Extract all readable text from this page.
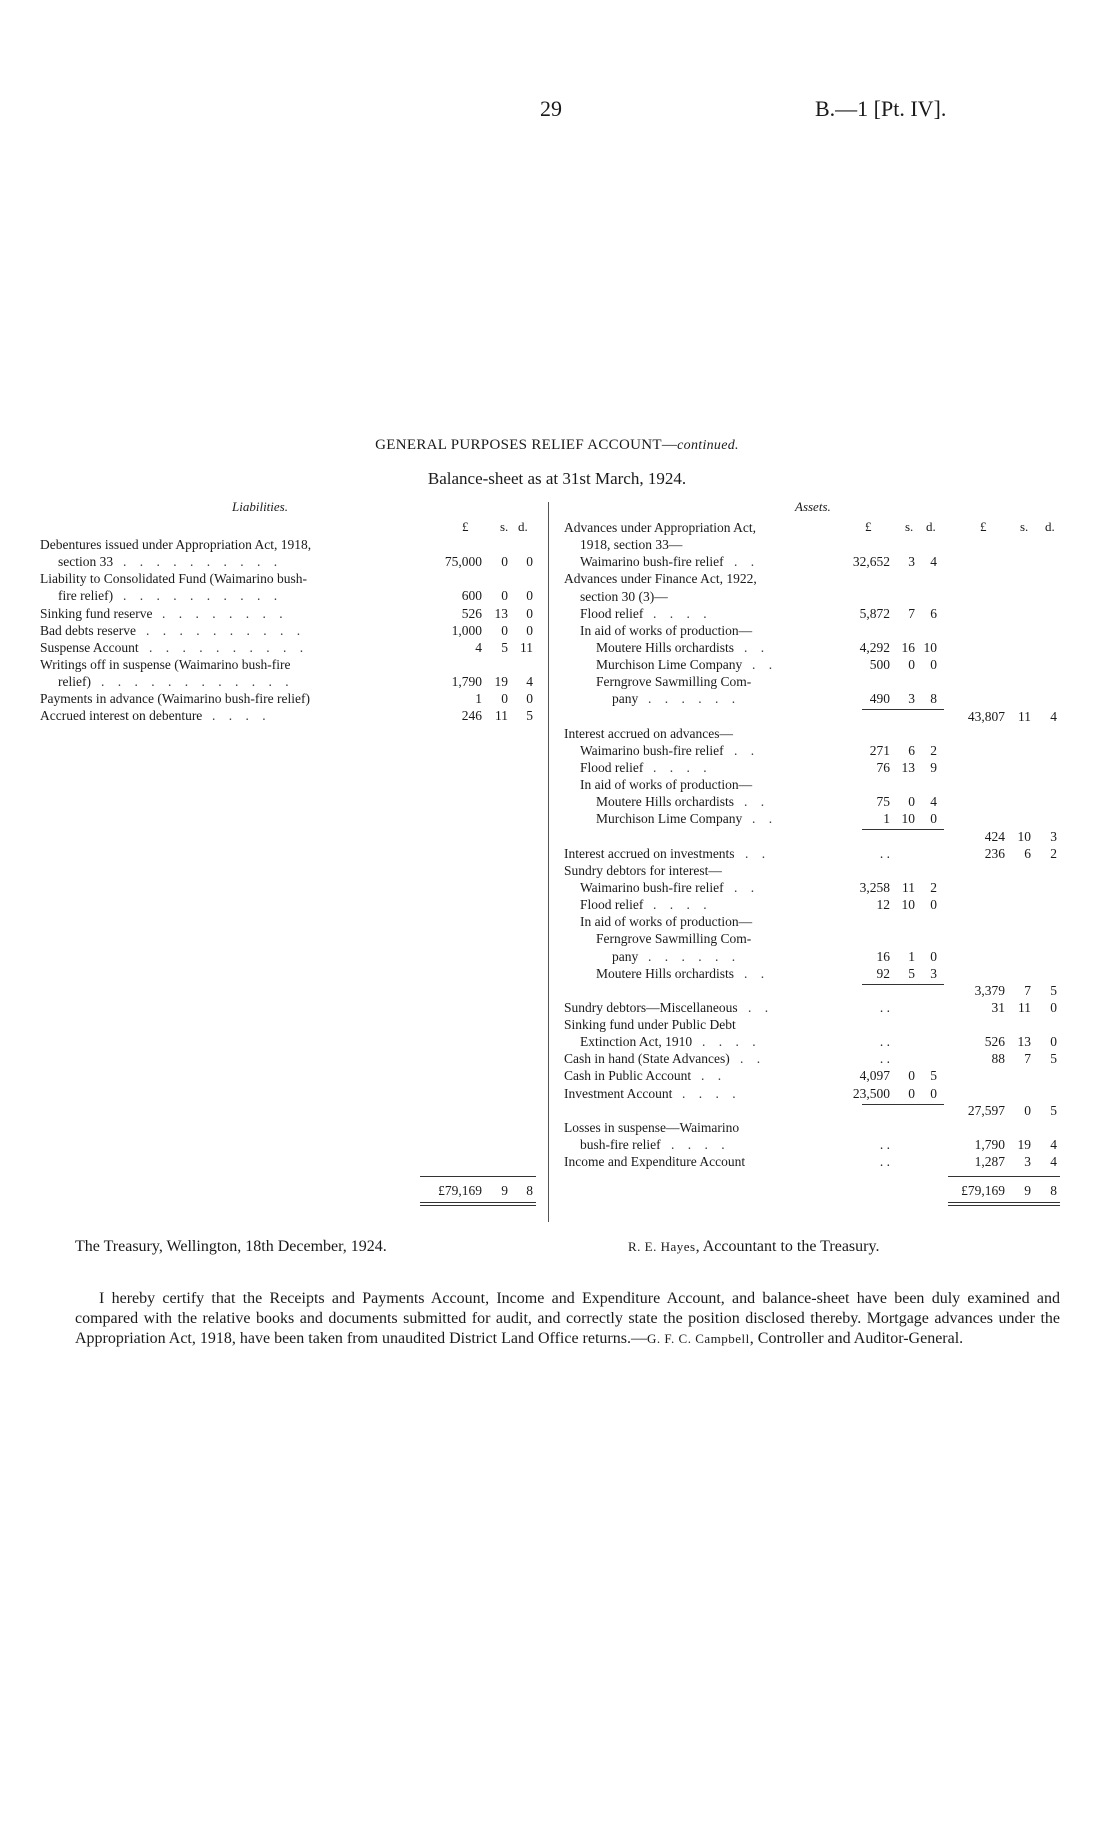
29	B.—1 [Pt. IV].
GENERAL PURPOSES RELIEF ACCOUNT—continued.
Balance-sheet as at 31st March, 1924.
Liabilities.
£ s. d.
Debentures issued under Appropriation Act, 1918,
section 33 . . . . . . . . . .	75,000 0 0
Liability to Consolidated Fund (Waimarino bush-
fire relief) . . . . . . . . . .	600 0 0
Sinking fund reserve . . . . . . . .	526 13 0
Bad debts reserve . . . . . . . . . .	1,000 0 0
Suspense Account . . . . . . . . . .	4 5 11
Writings off in suspense (Waimarino bush-fire
relief) . . . . . . . . . . . .	1,790 19 4
Payments in advance (Waimarino bush-fire relief)	1 0 0
Accrued interest on debenture . . . .	246 11 5
£79,169 9 8
Assets.
£	s. d.	£	s. d.
Advances under Appropriation Act,
1918, section 33—
Waimarino bush-fire relief . .	32,652 3 4
Advances under Finance Act, 1922,
section 30 (3)—
Flood relief . . . .	5,872 7 6
In aid of works of production—
Moutere Hills orchardists . .	4,292 16 10
Murchison Lime Company . .	500 0 0
Ferngrove Sawmilling Com-
pany . . . . . .	490 3 8
43,807 11 4
Interest accrued on advances—
Waimarino bush-fire relief . .	271 6 2
Flood relief . . . .	76 13 9
In aid of works of production—
Moutere Hills orchardists . .	75 0 4
Murchison Lime Company . .	1 10 0
424 10 3
Interest accrued on investments . .	. .	236 6 2
Sundry debtors for interest—
Waimarino bush-fire relief . .	3,258 11 2
Flood relief . . . .	12 10 0
In aid of works of production—
Ferngrove Sawmilling Com-
pany . . . . . .	16 1 0
Moutere Hills orchardists . .	92 5 3
3,379 7 5
Sundry debtors—Miscellaneous . .	. .	31 11 0
Sinking fund under Public Debt
Extinction Act, 1910 . . . .	. .	526 13 0
Cash in hand (State Advances) . .	. .	88 7 5
Cash in Public Account . .	4,097 0 5
Investment Account . . . .	23,500 0 0
27,597 0 5
Losses in suspense—Waimarino
bush-fire relief . . . .	. .	1,790 19 4
Income and Expenditure Account	. .	1,287 3 4
£79,169 9 8
The Treasury, Wellington, 18th December, 1924.	R. E. Hayes, Accountant to the Treasury.
I hereby certify that the Receipts and Payments Account, Income and Expenditure Account, and balance-sheet have been duly examined and compared with the relative books and documents submitted for audit, and correctly state the position disclosed thereby. Mortgage advances under the Appropriation Act, 1918, have been taken from unaudited District Land Office returns.—G. F. C. Campbell, Controller and Auditor-General.
